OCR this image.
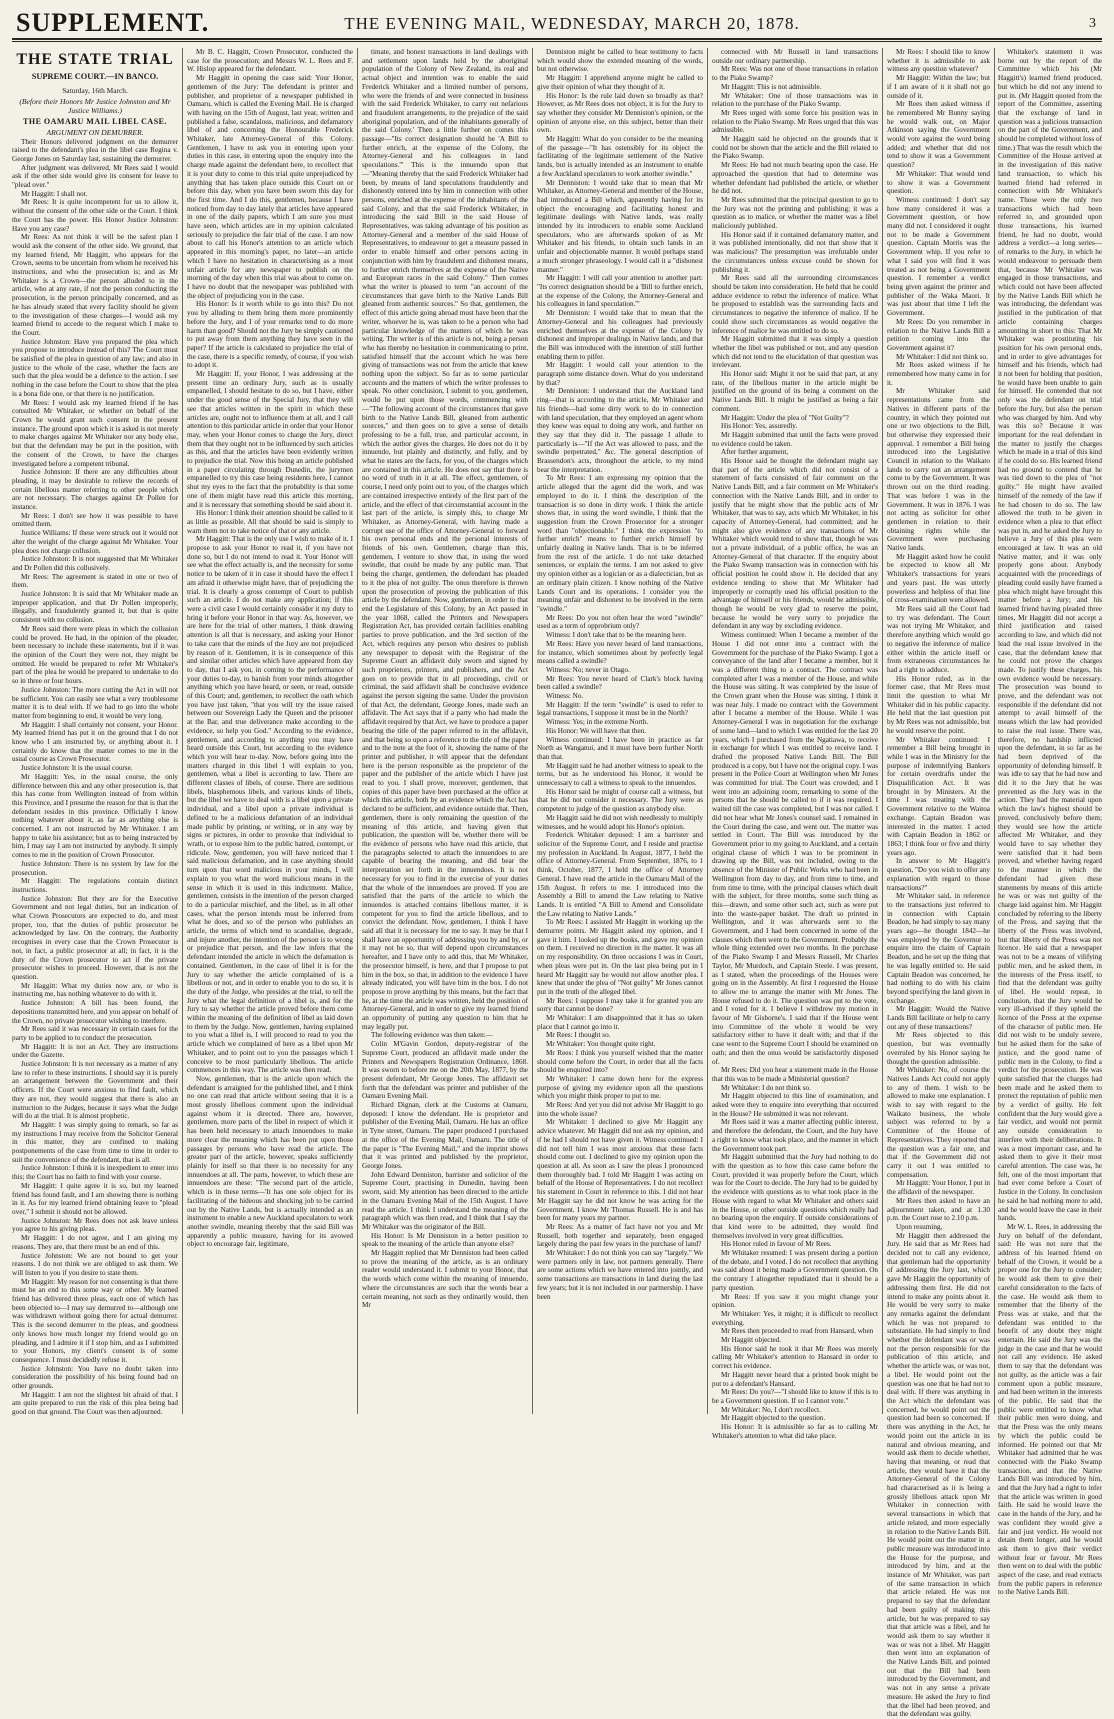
SUPPLEMENT.	THE EVENING MAIL, WEDNESDAY, MARCH 20, 1878.	3
THE STATE TRIAL
SUPREME COURT.—IN BANCO.
Saturday, 16th March.
(Before their Honors Mr Justice Johnston and Mr Justice Williams.)
THE OAMARU MAIL LIBEL CASE.
ARGUMENT ON DEMURRER.

Their Honors delivered judgment on the demurrer raised to the defendant's plea in the libel case Regina v. George Jones on Saturday last, sustaining the demurrer.

After judgment was delivered, Mr Rees said I would ask if the other side would give its consent for leave to "plead over."

Mr Haggitt: I shall not.

Mr Rees: It is quite incompetent for us to allow it, without the consent of the other side or the Court. I think the Court has the power. His Honor Justice Johnston: Have you any case?

Mr Rees: As not think it will be the safest plan I would ask the consent of the other side. We ground, that my learned friend, Mr Haggitt, who appears for the Crown, seems to be uncertain from whom he received his instructions, and who the prosecution is; and as Mr Whitaker is a Crown—the person alluded to in the article, who at any rate, if not the person conducting the prosecution, is the person principally concerned, and as he has already stated that every facility should be given to the investigation of these charges—I would ask my learned friend to accede to the request which I make to the Court.

Justice Johnston: Have you prepared the plea which you propose to introduce instead of this? The Court must be satisfied of the plea in question of any law; and also in justice to the whole of the case, whether the facts are such that the plea would be a defence to the action. I see nothing in the case before the Court to show that the plea is a bona fide one, or that there is no justification.

Mr Rees: I would ask my learned friend if he has consulted Mr Whitaker, or whether on behalf of the Crown he would grant such consent in the present instance. The ground upon which it is asked is not merely to make charges against Mr Whitaker nor any body else, but that the defendant may be put in the position, with the consent of the Crown, to have the charges investigated before a competent tribunal.

Justice Johnston: If there are any difficulties about pleading, it may be desirable to relieve the records of certain libellous matter referring to other people which are not necessary. The charges against Dr Pollen for instance.

Mr Rees: I don't see how it was possible to have omitted them.

Justice Williams: If these were struck out it would not alter the weight of the charge against Mr Whitaker. Your plea does not charge collusion.

Justice Johnston: It is not suggested that Mr Whitaker and Dr Pollen did this collusively.

Mr Rees: The agreement is stated in one or two of them.

Justice Johnston: It is said that Mr Whitaker made an improper application, and that Dr Pollen improperly, illegally, and fraudulently granted it, but that is quite consistent with no collusion.

Mr Rees said there were pleas in which the collusion could be proved. He had, in the opinion of the pleader, been necessary to include these statements, but if it was the opinion of the Court they were not, they might be omitted. He would be prepared to refer Mr Whitaker's part of the plea he would be prepared to undertake to do so in three or four hours.

Justice Johnston: The more cutting the Act in will not be sufficient. You can easily see what a very troublesome matter it is to deal with. If we had to go into the whole matter from beginning to end, it would be very long.

Mr Haggitt: I shall certainly not consent, your Honor. My learned friend has put it on the ground that I do not know who I am instructed by, or anything about it. I certainly do know that the matter comes to me in the usual course as Crown Prosecutor.

Justice Johnston: It is the usual course.

Mr Haggitt: Yes, in the usual course, the only difference between this and any other prosecution is, that this has come from Wellington instead of from within this Province, and I presume the reason for that is that the defendant resides in this province. Officially I know nothing whatever about it, as far as anything else is concerned. I am not instructed by Mr Whitaker. I am happy to take his assistance; but as to being instructed by him, I may say I am not instructed by anybody. It simply comes to me in the position of Crown Prosecutor.

Justice Johnston: There is no system by law for the prosecution.

Mr Haggitt: The regulations contain distinct instructions.

Justice Johnston: But they are for the Executive Government and not legal duties, but an indication of what Crown Prosecutors are expected to do, and most proper, too, that the duties of public prosecutor be acknowledged by law. On the contrary, the Authority recognises in every case that the Crown Prosecutor is not, in fact, a public prosecutor at all; in fact, it is the duty of the Crown prosecutor to act if the private prosecutor wishes to proceed. However, that is not the question.

Mr Haggitt: What my duties now are, or who is instructing me, has nothing whatever to do with it.

Justice Johnston: A bill has been found, the depositions transmitted here, and you appear on behalf of the Crown, no private prosecutor wishing to interfere.

Mr Rees said it was necessary in certain cases for the party to be applied to to conduct the prosecution.

Mr Haggitt: It is not an Act. They are instructions under the Gazette.

Justice Johnston: It is not necessary as a matter of any law to refer to these instructions. I should say it is purely an arrangement between the Government and their officers. If the Court were anxious to find fault, which they are not, they would suggest that there is also an instruction to the Judges, because it says what the Judge will do at the trial. It is almost prophetic.

Mr Haggitt: I was simply going to remark, so far as my instructions I may receive from the Solicitor General in this matter, they are confined to making postponements of the case from time to time in order to suit the convenience of the defendant, that is all.

Justice Johnston: I think it is inexpedient to enter into this; the Court has no faith to find with your course.

Mr Haggitt: I quite agree it is so, but my learned friend has found fault, and I am showing there is nothing in it. As for my learned friend obtaining leave to "plead over," I submit it should not be allowed.

Justice Johnston: Mr Rees does not ask leave unless you agree to his giving pleas.

Mr Haggitt: I do not agree, and I am giving my reasons. They are, that there must be an end of this.

Justice Johnston: We are not bound to get your reasons. I do not think we are obliged to ask them. We will listen to you if you desire to state them.

Mr Haggitt: My reason for not consenting is that there must be an end to this some way or other. My learned friend has delivered three pleas, each one of which has been objected to—I may say demurred to—although one was withdrawn without going there for actual demurrer. This is the second demurrer to the pleas, and goodness only knows how much longer my friend would go on pleading, and I admire it if I stop him, and as I submitted to your Honors, my client's consent is of some consequence. I must decidedly refuse it.

Justice Johnston: You have no doubt taken into consideration the possibility of his being found bad on other grounds.

Mr Haggitt: I am not the slightest bit afraid of that. I am quite prepared to run the risk of this plea being bad good on that ground. The Court was then adjourned.

Mr B. C. Haggitt, Crown Prosecutor, conducted the case for the prosecution; and Messrs W. L. Rees and F. W. Hislop appeared for the defendant.

Mr Haggitt in opening the case said: Your Honor, gentlemen of the Jury: The defendant is printer and publisher, and proprietor of a newspaper published in Oamaru, which is called the Evening Mail. He is charged with having on the 15th of August, last year, written and published a false, scandalous, malicious, and defamatory libel of and concerning the Honourable Frederick Whitaker, late Attorney-General of this Colony. Gentlemen, I have to ask you in entering upon your duties in this case, in entering upon the enquiry into the charge made against the defendant here, to recollect that it is your duty to come to this trial quite unprejudiced by anything that has taken place outside this Court on or before this day, when you have been sworn this day for the first time. And I do this, gentlemen, because I have noticed from day to day lately that articles have appeared in one of the daily papers, which I am sure you must have seen, which articles are in my opinion calculated seriously to prejudice the fair trial of the case. I am now about to call his Honor's attention to an article which appeared in this morning's paper, no later—an article which I have no hesitation in characterising as a most unfair article for any newspaper to publish on the morning of the day when this trial was about to come on. I have no doubt that the newspaper was published with the object of prejudicing you in the case.

His Honor: Is it worth while to go into this? Do not you by alluding to them bring them more prominently before the Jury, and I of your remarks tend to do more harm than good? Should not the Jury be simply cautioned to put away from them anything they have seen in the paper? If the article is calculated to prejudice the trial of the case, there is a specific remedy, of course, if you wish to adopt it.

Mr Haggitt: If, your Honor, I was addressing at the present time an ordinary Jury, such as is usually empanelled, I should hesitate to do so, but I have, either under the good sense of the Special Jury, that they will see that articles written in the spirit in which these articles are, ought not to influence them at all, and I call attention to this particular article in order that your Honor may, when your Honor comes to charge the Jury, direct them that they ought not to be influenced by such articles as this, and that the articles have been evidently written to prejudice the trial. Now this being an article published in a paper circulating through Dunedin, the jurymen empanelled to try this case being residents here, I cannot shut my eyes to the fact that the probability is that some one of them might have read this article this morning, and it is necessary that something should be said about it.

His Honor: I think their attention should be called to it as little as possible. All that should be said is simply to warn them not to take notice of that or any article.

Mr Haggitt: That is the only use I wish to make of it. I propose to ask your Honor to read it, if you have not done so, but I do not intend to read it. Your Honor will see what the effect actually is, and the necessity for some notice to be taken of it in case it should have the effect I am afraid it otherwise might have, that of prejudicing the trial. It is clearly a gross contempt of Court to publish such an article. I do not make any application; if this were a civil case I would certainly consider it my duty to bring it before your Honor in that way. As, however, we are here for the trial of other matters, I think drawing attention is all that is necessary, and asking your Honor to take care that the minds of the Jury are not prejudiced by reason of it. Gentlemen, it is in consequence of this and similar other articles which have appeared from day to day, that I ask you, in coming to the performance of your duties to-day, to banish from your minds altogether anything which you have heard, or seen, or read, outside of this Court; and, gentlemen, to recollect the oath which you have just taken, "that you will try the issue raised between our Sovereign Lady the Queen and the prisoner at the Bar, and true deliverance make according to the evidence, so help you God." According to the evidence, gentlemen, and according to anything you may have heard outside this Court, but according to the evidence which you will hear to-day. Now, before going into the matters charged in this libel I will explain to you, gentlemen, what a libel is according to law. There are different classes of libels, of course. There are seditious libels, blasphemous libels, and various kinds of libels, but the libel we have to deal with is a libel upon a private individual, and a libel upon a private individual is defined to be a malicious defamation of an individual made public by printing, or writing, or in any way by signs or pictures, in order to provoke that individual to wrath, or to expose him to the public hatred, contempt, or ridicule. Now, gentlemen, you will have noticed that I said malicious defamation, and in case anything should turn upon that word malicious in your minds, I will explain to you what the word malicious means in the sense in which it is used in this indictment. Malice, gentlemen, consists in the intention of the person charged to do a particular mischief, and the libel, as in all other cases, what the person intends must be inferred from what he does, and so of the person who publishes an article, the terms of which tend to scandalise, degrade, and injure another, the intention of the person is to wrong or prejudice that person, and the law infers that the defendant intended the article in which the defamation is contained. Gentlemen, in the case of libel it is for the Jury to say whether the article complained of is a libellous or not, and in order to enable you to do so, it is the duty of the Judge, who presides at the trial, to tell the Jury what the legal definition of a libel is, and for the Jury to say whether the article proved before them come within the meaning of the definition of libel as laid down to them by the Judge. Now, gentlemen, having explained to you what a libel is, I will proceed to read to you the article which we complained of here as a libel upon Mr Whitaker, and to point out to you the passages which I conceive to be most particularly libellous. The article commences in this way. The article was then read.

Now, gentlemen, that is the article upon which the defendant is arraigned for the published libel, and I think no one can read that article without seeing that it is a most grossly libellous comment upon the individual against whom it is directed. There are, however, gentlemen, more parts of the libel in respect of which it has been held necessary to attach innuendoes to make more clear the meaning which has been put upon those passages by persons who have read the article. The greater part of the article, however, speaks sufficiently plainly for itself so that there is no necessity for any innuendoes at all. The parts, however, to which these are innuendoes are these: "The second part of the article, which is in these terms—'It has one sole object for its facilitating of the hideous and shocking job to be carried out by the Native Lands, but is actually intended as an instrument to enable a new Auckland speculators to work another swindle, meaning thereby that the said Bill was apparently a public measure, having for its avowed object to encourage fair, legitimate,

timate, and honest transactions in land dealings with and settlement upon lands held by the aboriginal population of the Colony of New Zealand, its real and actual object and intention was to enable the said Frederick Whitaker and a limited number of persons, who were the friends of and were connected in business with the said Frederick Whitaker, to carry out nefarious and fraudulent arrangements, to the prejudice of the said aboriginal population, and of the inhabitants generally of the said Colony.' Then a little further on comes this passage—"Its correct designation should be 'A Bill to further enrich, at the expense of the Colony, the Attorney-General and his colleagues in land speculations.'" This is the innuendo upon that—"Meaning thereby that the said Frederick Whitaker had been, by means of land speculations fraudulently and dishonestly entered into by him in connection with other persons, enriched at the expense of the inhabitants of the said Colony, and that the said Frederick Whitaker, in introducing the said Bill in the said House of Representatives, was taking advantage of his position as Attorney-General and a member of the said House of Representatives, to endeavour to get a measure passed in order to enable himself and other persons acting in conjunction with him by fraudulent and dishonest means, to further enrich themselves at the expense of the Native and European races in the said Colony." Then comes what the writer is pleased to term "an account of the circumstances that gave birth to the Native Lands Bill gleaned from authentic sources." So that, gentlemen, the effect of this article going abroad must have been that the writer, whoever he is, was taken to be a person who had particular knowledge of the matters of which he was writing. The writer is of this article is not, being a person who has thereby no hesitation in communicating to print, satisfied himself that the account which he was here giving of transactions was not from the article that knew nothing upon the subject. So far as to some particular accounts and the matters of which the writer professes to speak. No other conclusion, I submit to you, gentlemen, would be put upon those words, commencing with—"The following account of the circumstances that gave birth to the Native Lands Bill, gleaned from authentic sources," and then goes on to give a sense of details professing to be a full, true, and particular account, in which the author gives the charges. He does not do it by innuendo, but plainly and distinctly, and fully, and by what he states are the facts, for you, of the charges which are contained in this article. He does not say that there is no word of truth in it at all. The effect, gentlemen, of course, I need only point out to you, of the charges which are contained irrespective entirely of the first part of the article, and the effect of that circumstantial account in the last part of the article, is simply this, to charge Mr Whitaker, as Attorney-General, with having made a corrupt use of the office of Attorney-General to forward his own personal ends and the personal interests of friends of his own. Gentlemen, charge than this, gentlemen, I venture to show that, in using the word swindle, that could be made by any public man. That being the charge, gentlemen, the defendant has pleaded to it the plea of not guilty. The onus therefore is thrown upon the prosecution of proving the publication of this article by the defendant. Now, gentlemen, in order to that end the Legislature of this Colony, by an Act passed in the year 1868, called the Printers and Newspapers Registration Act, has provided certain facilities enabling parties to prove publication, and the 3rd section of the Act, which requires any person who desires to publish any newspaper to deposit with the Registrar of the Supreme Court an affidavit duly sworn and signed by such proprietors, printers, and publishers, and the Act goes on to provide that in all proceedings, civil or criminal, the said affidavit shall be conclusive evidence against the person signing the same. Under the provision of that Act, the defendant, George Jones, made such an affidavit. The Act says that if a party who had made the affidavit required by that Act, we have to produce a paper bearing the title of the paper referred to in the affidavit, and that being so upon a reference to the title of the paper and to the note at the foot of it, showing the name of the printer and publisher, it will appear that the defendant here is the person responsible as the proprietor of the paper and the publisher of the article which I have just read to you. I shall prove, moreover, gentlemen, that copies of this paper have been purchased at the office at which this article, both by an evidence which the Act has declared to be sufficient, and evidence outside that. Then, gentlemen, there is only remaining the question of the meaning of this article, and having given that publication, the question will be, whether there will be the evidence of persons who have read this article, that the paragraphs selected to attach the innuendoes to are capable of bearing the meaning, and did bear the interpretation set forth in the innuendoes. It is not necessary for you to find in the exercise of your duties that the whole of the innuendoes are proved. If you are satisfied that the parts of the article to which the innuendos is attached contains libellous matter, it is competent for you to find the article libellous, and to convict the defendant. Now, gentlemen, I think I have said all that it is necessary for me to say. It may be that I shall have an opportunity of addressing you by and by, or it may not be so, that will depend upon circumstances hereafter, and I have only to add this, that Mr Whitaker, the prosecutor himself, is here, and that I propose to put him in the box, so that, in addition to the evidence I have already indicated, you will have him in the box. I do not propose to prove anything by this means, but the fact that he, at the time the article was written, held the position of Attorney-General, and in order to give my learned friend an opportunity of putting any question to him that he may legally put.

The following evidence was then taken:—

Colin M'Gavin Gordon, deputy-registrar of the Supreme Court, produced an affidavit made under the Printers and Newspapers Registration Ordinance, 1868. It was sworn to before me on the 20th May, 1877, by the present defendant, Mr George Jones. The affidavit set forth that the defendant was printer and publisher of the Oamaru Evening Mail.

Richard Dignan, clerk at the Customs at Oamaru, deposed: I know the defendant. He is proprietor and publisher of the Evening Mail, Oamaru. He has an office in Tyne street, Oamaru. The paper produced I purchased at the office of the Evening Mail, Oamaru. The title of the paper is "The Evening Mail," and the imprint shows that it was printed and published by the proprietor, George Jones.

John Edward Denniston, barrister and solicitor of the Supreme Court, practising in Dunedin, having been sworn, said: My attention has been directed to the article in the Oamaru Evening Mail of the 15th August. I have read the article. I think I understand the meaning of the paragraph which was then read, and I think that I say the Mr Whitaker was the originator of the Bill.

His Honor: Is Mr Denniston in a better position to speak to the meaning of the article than anyone else?

Mr Haggitt replied that Mr Denniston had been called to prove the meaning of the article, as is an ordinary reader would understand it. I submit to your Honor, that the words which come within the meaning of innuendo, where the circumstances are such that the words bear a certain meaning, not such as they ordinarily would, then Mr

Denniston might be called to bear testimony to facts which would show the extended meaning of the words, but not otherwise.

Mr Haggitt: I apprehend anyone might be called to give their opinion of what they thought of it.

His Honor: Is the rule laid down so broadly as that? However, as Mr Rees does not object, it is for the Jury to say whether they consider Mr Denniston's opinion, or the opinion of anyone else, on this subject, better than their own.

Mr Haggitt: What do you consider to be the meaning of the passage—"It has ostensibly for its object the facilitating of the legitimate settlement of the Native lands, but is actually intended as an instrument to enable a few Auckland speculators to work another swindle."

Mr Denniston: I would take that to mean that Mr Whitaker, as Attorney-General and member of the House, had introduced a Bill which, apparently having for its object the encouraging and facilitating honest and legitimate dealings with Native lands, was really intended by its introducers to enable some Auckland speculators, who are afterwards spoken of as Mr Whitaker and his friends, to obtain such lands in an unfair and objectionable manner. It would perhaps stand a much stronger phraseology. I would call it a "dishonest manner."

Mr Haggitt: I will call your attention to another part: "Its correct designation should be a 'Bill to further enrich, at the expense of the Colony, the Attorney-General and his colleagues in land speculation.'"

Mr Denniston: I would take that to mean that the Attorney-General and his colleagues had previously enriched themselves at the expense of the Colony by dishonest and improper dealings in Native lands, and that the Bill was introduced with the intention of still further enabling them to pilfer.

Mr Haggitt: I would call your attention to the paragraph some distance down. What do you understand by that?

Mr Denniston: I understand that the Auckland land ring—that is according to the article, Mr Whitaker and his friends—had some dirty work to do in connection with land speculation, that they employed an agent whom they knew was equal to doing any work, and further on they say that they did it. The passage I allude to particularly is—"If the Act was allowed to pass, and the swindle perpetrated," &c. The general description of Brassendon's acts, throughout the article, to my mind bear the interpretation.

To Mr Rees: I am expressing my opinion that the article alleged that the agent did the work, and was employed to do it. I think the description of the transaction is so done in dirty work. I think the article shows that, in using the word swindle, I think that the suggestion from the Crown Prosecutor for a stronger word than "objectionable." I think the expression "to further enrich" means to further enrich himself by unfairly dealing in Native lands. That is to be inferred from the rest of the article. I do not take detached sentences, or explain the terms. I am not asked to give my opinion either as a logician or as a dialectician, but as an ordinary plain citizen. I know nothing of the Native Lands Court and its operations. I consider you the meaning unfair and dishonest to be involved in the term "swindle."

Mr Rees: Do you not often hear the word "swindle" used as a term of opprobrium only?

Witness: I don't take that to be the meaning here.

Mr Rees: Have you never heard of land transactions, for instance, which sometimes about by perfectly legal means called a swindle?

Witness: No; never in Otago.

Mr Rees: You never heard of Clark's block having been called a swindle?

Witness: No.

Mr Haggitt: If the term "swindle" is used to refer to legal transactions, I suppose it must be in the North?

Witness: Yes; in the extreme North.

His Honor: We will have that then.

Witness continued: I have been in practice as far North as Wanganui, and it must have been further North than that.

Mr Haggitt said he had another witness to speak to the terms, but as he understood his Honor, it would be unnecessary to call a witness to speak to the innuendos.

His Honor said he might of course call a witness, but that he did not consider it necessary. The Jury were as competent to judge of the question as anybody else.

Mr Haggitt said he did not wish needlessly to multiply witnesses, and he would adopt his Honor's opinion.

Frederick Whitaker deposed: I am a barrister and solicitor of the Supreme Court, and I reside and practise my profession in Auckland. In August, 1877, I held the office of Attorney-General. From September, 1876, to 1 think, October, 1877, I held the office of Attorney General. I have read the article in the Oamaru Mail of the 15th August. It refers to me. I introduced into the Assembly a Bill to amend the Law relating to Native Lands. It is entitled "A Bill to Amend and Consolidate the Law relating to Native Lands."

To Mr Rees: I assisted Mr Haggitt in working up the demurrer points. Mr Haggitt asked my opinion, and I gave it him. I looked up the books, and gave my opinion on them. I received no direction in the matter. It was all on my responsibility. On three occasions I was in Court, when pleas were put in. On the last plea being put in I heard Mr Haggitt say he would not allow another plea. I knew that under the plea of "Not guilty" Mr Jones cannot put in the truth of the alleged libel.

Mr Rees: I suppose I may take it for granted you are sorry that cannot be done?

Mr Whitaker: I am disappointed that it has so taken place that I cannot go into it.

Mr Rees: I thought so.

Mr Whitaker: You thought quite right.

Mr Rees: I think you yourself wished that the matter should come before the Court, in order that all the facts should be enquired into?

Mr Whitaker: I came down here for the express purpose of giving my evidence upon all the questions which you might think proper to put to me.

Mr Rees: And yet you did not advise Mr Haggitt to go into the whole issue?

Mr Whitaker: I declined to give Mr Haggitt any advice whatever. Mr Haggitt did not ask my opinion, and if he had I should not have given it. Witness continued: I did not tell him I was most anxious that these facts should come out. I declined to give my opinion upon the question at all. As soon as I saw the pleas I pronounced them thoroughly bad. I told Mr Haggitt I was acting on behalf of the House of Representatives. I do not recollect his statement in Court in reference to this. I did not hear Mr Haggitt say he did not know he was acting for the Government. I know Mr Thomas Russell. He is and has been for many years my partner.

Mr Rees: As a matter of fact have not you and Mr Russell, both together and separately, been engaged largely during the past few years in the purchase of land?

Mr Whitaker: I do not think you can say "largely." We were partners only in law, not partners generally. There are some actions which we have entered into jointly, and some transactions are transactions in land during the last few years; but it is not included in our partnership. I have been

connected with Mr Russell in land transactions outside our ordinary partnership.

Mr Rees: Was not one of those transactions in relation to the Piako Swamp?

Mr Haggitt: This is not admissible.

Mr Whitaker: One of those transactions was in relation to the purchase of the Piako Swamp.

Mr Rees urged with some force his position was in relation to the Piako Swamp. Mr Rees urged that this was admissible.

Mr Haggitt said he objected on the grounds that it could not be shown that the article and the Bill related to the Piako Swamp.

Mr Rees: He had not much bearing upon the case. He approached the question that had to determine was whether defendant had published the article, or whether he did not.

Mr Rees submitted that the principal question to go to the Jury was not the printing and publishing; it was a question as to malice, or whether the matter was a libel maliciously published.

His Honor said if it contained defamatory matter, and it was published intentionally, did not that show that it was malicious? The presumption was irrefutable under the circumstances unless excuse could be shown for publishing it.

Mr Rees said all the surrounding circumstances should be taken into consideration. He held that he could adduce evidence to rebut the inference of malice. What he proposed to establish was the surrounding facts and circumstances to negative the inference of malice. If he could show such circumstances as would negative the inference of malice he was entitled to do so.

Mr Haggitt submitted that it was simply a question whether the libel was published or not, and any question which did not tend to the elucidation of that question was irrelevant.

His Honor said: Might it not be said that part, at any rate, of the libellous matter in the article might be justified on the ground of its being a comment on the Native Lands Bill. It might be justified as being a fair comment.

Mr Haggitt: Under the plea of "Not Guilty"?

His Honor: Yes, assuredly.

Mr Haggitt submitted that until the facts were proved no evidence could be taken.

After further argument,

His Honor said he thought the defendant might say that part of the article which did not consist of a statement of facts consisted of fair comment on the Native Lands Bill, and a fair comment on Mr Whitaker's connection with the Native Lands Bill, and in order to justify that he might show that the public acts of Mr Whitaker, that was to say, acts which Mr Whitaker, in his capacity of Attorney-General, had committed; and he might also give evidence of any transactions of Mr Whitaker which would tend to show that, though he was not a private individual, of a public office, he was an Attorney-General of that character. If the enquiry about the Piako Swamp transaction was in connection with his official position he could show it. He decided that any evidence tending to show that Mr Whitaker had improperly or corruptly used his official position to the advantage of himself or his friends, would be admissible, though he would be very glad to reserve the point, because he would be very sorry to prejudice the defendant in any way by excluding evidence.

Witness continued: When I became a member of the House I did not enter into a contract with the Government for the purchase of the Piako Swamp. I got a conveyance of the land after I became a member, but it was a different thing to a contract. The contract was completed after I was a member of the House, and while the House was sitting. It was completed by the issue of the Crown grant when the House was sitting. I think it was near July. I made no contract with the Government after I became a member of the House. While I was Attorney-General I was in negotiation for the exchange of some land—land to which I was entitled for the last 20 years, which I purchased from the Ngatiawa, to receive in exchange for which I was entitled to receive land. I drafted the proposed Native Lands Bill. The Bill produced is a copy, but I have not the original copy. I was present in the Police Court at Wellington when Mr Jones was committed for trial. The Court was crowded, and I went into an adjoining room, remarking to some of the persons that he should be called to if it was required. I waited till the case was completed, but I was not called. I did not hear what Mr Jones's counsel said. I remained in the Court during the case, and went out. The matter was settled in Court. The Bill was introduced by the Government prior to my going to Auckland, and a certain original clause of which I was to be prominent in drawing up the Bill, was not included, owing to the absence of the Minister of Public Works who had been in Wellington from day to day, and from time to time, and from time to time, with the principal clauses which dealt with the subject, for three months, some such thing as this—drawn, and some other such act, such as were put into the waste-paper basket. The draft so printed in Wellington, and it was afterwards sent to the Government, and I had been concerned in some of the clauses which then went to the Government. Probably the whole thing extended over two months. In the purchase of the Piako Swamp I and Messrs Russell, Mr Charles Taylor, Mr Murdoch, and Captain Steele. I was present, as I stated, when the proceedings of the Houses were going on in the Assembly. At first I requested the House to allow me to arrange the matter with Mr Jones. The House refused to do it. The question was put to the vote, and I voted for it. I believe I withdrew my motion in favour of Mr Gisborne's. I said that if the House went into Committee of the whole it would be very satisfactory either to have it dealt with; and that if the case went to the Supreme Court I should be examined on oath; and then the onus would be satisfactorily disposed of.

Mr Rees: Did you hear a statement made in the House that this was to be made a Ministerial question?

Mr Whitaker: I do not think so.

Mr Haggitt objected to this line of examination, and asked were they to enquire into everything that occurred in the House? He submitted it was not relevant.

Mr Rees said it was a matter affecting public interest, and therefore the defendant, the Court, and the Jury have a right to know what took place, and the manner in which the Government took part.

Mr Haggitt submitted that the Jury had nothing to do with the question as to how this case came before the Court, provided it was properly before the Court, which was for the Court to decide. The Jury had to be guided by the evidence with questions as to what took place in the House with regard to what Mr Whitaker and others said in the House, or other outside questions which really had no bearing upon the enquiry. If outside considerations of that kind were to be admitted, they would find themselves involved in very great difficulties.

His Honor ruled in favour of Mr Rees.

Mr Whitaker resumed: I was present during a portion of the debate, and I voted. I do not recollect that anything was said about it being made a Government question. On the contrary I altogether repudiated that it should be a party question.

Mr Rees: If you saw it you might change your opinion.

Mr Whitaker: Yes, it might; it is difficult to recollect everything.

Mr Rees then proceeded to read from Hansard, when

Mr Haggitt objected.

His Honor said he took it that Mr Rees was merely calling Mr Whitaker's attention to Hansard in order to correct his evidence.

Mr Haggitt never heard that a printed book might be put to a defendant's Hansard.

Mr Rees: Do you?—"I should like to know if this is to be a Government question. If so I cannot vote."

Mr Whitaker: No, I don't recollect.

Mr Haggitt objected to the question.

His Honor: It is admissible so far as to calling Mr Whitaker's attention to what did take place.

Mr Rees: I should like to know whether it is admissible to ask witness any question whatever?

Mr Haggitt: Within the law; but if I am aware of it it shall not go outside of it.

Mr Rees then asked witness if he remembered Mr Bunny saying he would walk out, on Major Atkinson saying the Government would vote against the word being added; and whether that did not tend to show it was a Government question?

Mr Whitaker: That would tend to show it was a Government question.

Witness continued: I don't say how many considered it was a Government question, or how many did not. I considered it ought not to be made a Government question. Captain Morris was the Government whip. If you refer to what I said you will find it was treated as not being a Government question. I remember a verdict being given against the printer and publisher of the Waka Maori. It was just about that time I left the Government.

Mr Rees: Do you remember in relation to the Native Lands Bill a petition coming into the Government against it?

Mr Whitaker: I did not think so.

Mr Rees asked witness if he remembered how many came in for it.

Mr Whitaker said representations came from the Natives in different parts of the country, in which they pointed out one or two objections to the Bill, but otherwise they expressed their approval. I remember a Bill being introduced into the Legislative Council in relation to the Waikato lands to carry out an arrangement come to by the Government. It was thrown out on the third reading. That was before I was in the Government. It was in 1876. I was not acting as solicitor for other gentlemen in relation to their obtaining rights while the Government were purchasing Native lands.

Mr Haggitt asked how he could be expected to know all Mr Whitaker's transactions for years and years past. He was utterly powerless and helpless of that line of cross-examination were allowed.

Mr Rees said all the Court had to try was defendant. The Court was not trying Mr Whitaker, and therefore anything which would go to negative the inference of malice either within the article itself or from extraneous circumstances he had a right to adduce.

His Honor ruled, as in the former case, that Mr Rees must limit the question to what Mr Whitaker did in his public capacity. He held that the last question put by Mr Rees was not admissible, but he would reserve the point.

Mr Whitaker continued: I remember a Bill being brought in while I was in the Ministry for the purpose of indemnifying Bankers for certain overdrafts under the Disqualification Act. It was brought in by Ministers. At the time I was treating with the Government relative to the Waitoa exchange. Captain Beadon was interested in the matter. I acted with Captain Beadon in 1862 or 1863; I think four or five and thirty years ago.

In answer to Mr Haggitt's question, "Do you wish to offer any explanation with regard to those transactions?"

Mr Whitaker said, in reference to the transactions just referred to in connection with Captain Beadon, he had simply to say many years ago—he thought 1842—he was employed by the Governor to enquire into the claim of Captain Beadon, and he set up the thing that he was legally entitled to. He said Captain Beadon was concerned, he had nothing to do with his claim beyond specifying the land given in exchange.

Mr Haggitt: Would the Native Lands Bill facilitate or help to carry out any of these transactions?

Mr Rees objected to this question, but was eventually overruled by his Honor saying he thought the question admissible.

Mr Whitaker: No, of course the Natives Lands Act could not apply to any of them. I wish to be allowed to make one explanation. I wish to say with regard to the Waikato business, the whole subject was referred to by a Committee of the House of Representatives. They reported that the question was a fair one, and that if the Government did not carry it out I was entitled to compensation.

Mr Haggitt: Your Honor, I put in the affidavit of the newspaper.

Mr Rees then asked to have an adjournment taken, and at 1.30 p.m. the Court rose to 2.10 p.m.

Upon resuming,

Mr Haggitt then addressed the Jury. He said that as Mr Rees had decided not to call any evidence, that gentleman had the opportunity of addressing the Jury last, which gave Mr Haggitt the opportunity of addressing them first. He did not intend to make any points about it. He would be very sorry to make any remarks against the defendant which he was not prepared to substantiate. He had simply to find whether the defendant was or was not the person responsible for the publication of this article, and whether the article was, or was not, a libel. He would point out the question was one that he had not to deal with. If there was anything in the Act which the defendant was concerned, he would point out the question had been so concerned. If there was anything in the Act, he would point out the article in its natural and obvious meaning, and would ask them to decide whether, having that meaning, or read that article, they would have it that the Attorney-General of the Colony had characterised as it is being a grossly libellous attack upon Mr Whitaker in connection with several transactions in which that article related, and more especially in relation to the Native Lands Bill. He would point out the matter in a public measure was introduced into the House for the purpose, and introduced by him, and at the instance of Mr Whitaker, was part of the same transaction in which that article related. He was not prepared to say that the defendant had been guilty of making this article, but he was prepared to say that that article was a libel, and he would ask them to say whether it was or was not a libel. Mr Haggitt then went into an explanation of the Native Lands Bill, and pointed out that the Bill had been introduced by the Government, and was not in any sense a private measure. He asked the Jury to find that the libel had been proved, and that the defendant was guilty.

Whitaker's statement it was borne out by the report of the Committee which his (Mr Haggitt's) learned friend produced, but which he did not any intend to put in. (Mr Haggitt quoted from the report of the Committee, asserting that the exchange of land in question was a judicious transaction on the part of the Government, and should be completed without loss of time.) That was the result which the Committee of the House arrived at in the investigation of this native land transaction, to which his learned friend had referred in connection with Mr Whitaker's name. Those were the only two transactions which had been referred to, and grounded upon those transactions, his learned friend, he had no doubt, would address a verdict—a long series—of remarks to the Jury, in which he would endeavour to persuade them that, because Mr Whitaker was engaged in those transactions, and which could not have been affected by the Native Lands Bill which he was introducing, the defendant was justified in the publication of that article containing charges amounting in short to this: That Mr Whitaker was prostituting his position for his own personal ends, and in order to give advantages for himself and his friends, which had it not been for holding that position, he would have been unable to gain for himself. He contended that not only was the defendant on trial before the Jury, but also the person who was charged by him. And why was this so? Because it was important for the real defendant in the matter to justify the charges which he made in a trial of this kind if he could do so. His learned friend had no ground to contend that he was tied down to the plea of "not guilty." He might have availed himself of the remedy of the law if he had chosen to do so. The law allowed the truth to be given in evidence when a plea to that effect was put in, and he asked the Jury to believe a Jury of this plea were encouraged at law. It was an old Native matter, and it was only properly gone about. Anybody acquainted with the proceedings of pleading could easily have framed a plea which might have brought this matter before a Jury; and his learned friend having pleaded three times, Mr Haggitt did not accept a third justification and raised according to law, and which did not lead the real issue involved in the case, that the defendant knew that he could not prove the charges made. To justify these charges, his own evidence would be necessary. The prosecution was bound to prove, and the defendant was not responsible if the defendant did not attempt to avail himself of the means which the law had provided to raise the real issue. There was, therefore, no hardship inflicted upon the defendant, in so far as he had been deprived of the opportunity of defending himself. It was idle to say that he had now and did it to the Jury that he was prevented as the Jury was in the action. They had the material upon which the law's highest should be proved, conclusively before them; they would see how the article affected Mr Whitaker, and they would have to say whether they were satisfied that it had been proved, and whether having regard to the manner in which the defendant had given these statements by means of this article he was or was not guilty of the charge laid against him. Mr Haggitt concluded by referring to the liberty of the Press, and saying that the liberty of the Press was involved, but that liberty of the Press was not licence. He said that a newspaper was not to be a means of vilifying public men, and he asked them, in the interests of the Press itself, to find that the defendant was guilty of libel. He would repeat, in conclusion, that the Jury would be very ill-advised if they upheld the licence of the Press at the expense of the character of public men. He did not wish to be unduly severe, but he asked them for the sake of justice, and the good name of public men in the Colony, to find a verdict for the prosecution. He was quite satisfied that the charges had been made and he asked them to protect the reputation of public men by a verdict of guilty. He felt confident that the Jury would give a fair verdict, and would not permit any outside consideration to interfere with their deliberations. It was a most important case, and he asked them to give it their most careful attention. The case was, he felt, one of the most important that had ever come before a Court of Justice in the Colony. In conclusion he said he had nothing more to add, and he would leave the case in their hands.

Mr W. L. Rees, in addressing the Jury on behalf of the defendant, said: He was not sure that the address of his learned friend on behalf of the Crown, it would be a proper one for the Jury to consider; he would ask them to give their careful consideration to the facts of the case. He would ask them to remember that the liberty of the Press was at stake, and that the defendant was entitled to the benefit of any doubt they might entertain. He said the Jury was the judge in the case and that he would not call any evidence. He asked them to say that the defendant was not guilty, as the article was a fair comment upon a public measure, and had been written in the interests of the public. He said that the public were entitled to know what their public men were doing, and that the Press was the only means by which the public could be informed. He pointed out that Mr Whitaker had admitted that he was connected with the Piako Swamp transaction, and that the Native Lands Bill was introduced by him, and that the Jury had a right to infer that the article was written in good faith. He said he would leave the case in the hands of the Jury, and he was confident they would give a fair and just verdict. He would not detain them longer, and he would ask them to give their verdict without fear or favour. Mr Rees then went on to deal with the public aspect of the case, and read extracts from the public papers in reference to the Native Lands Bill.
